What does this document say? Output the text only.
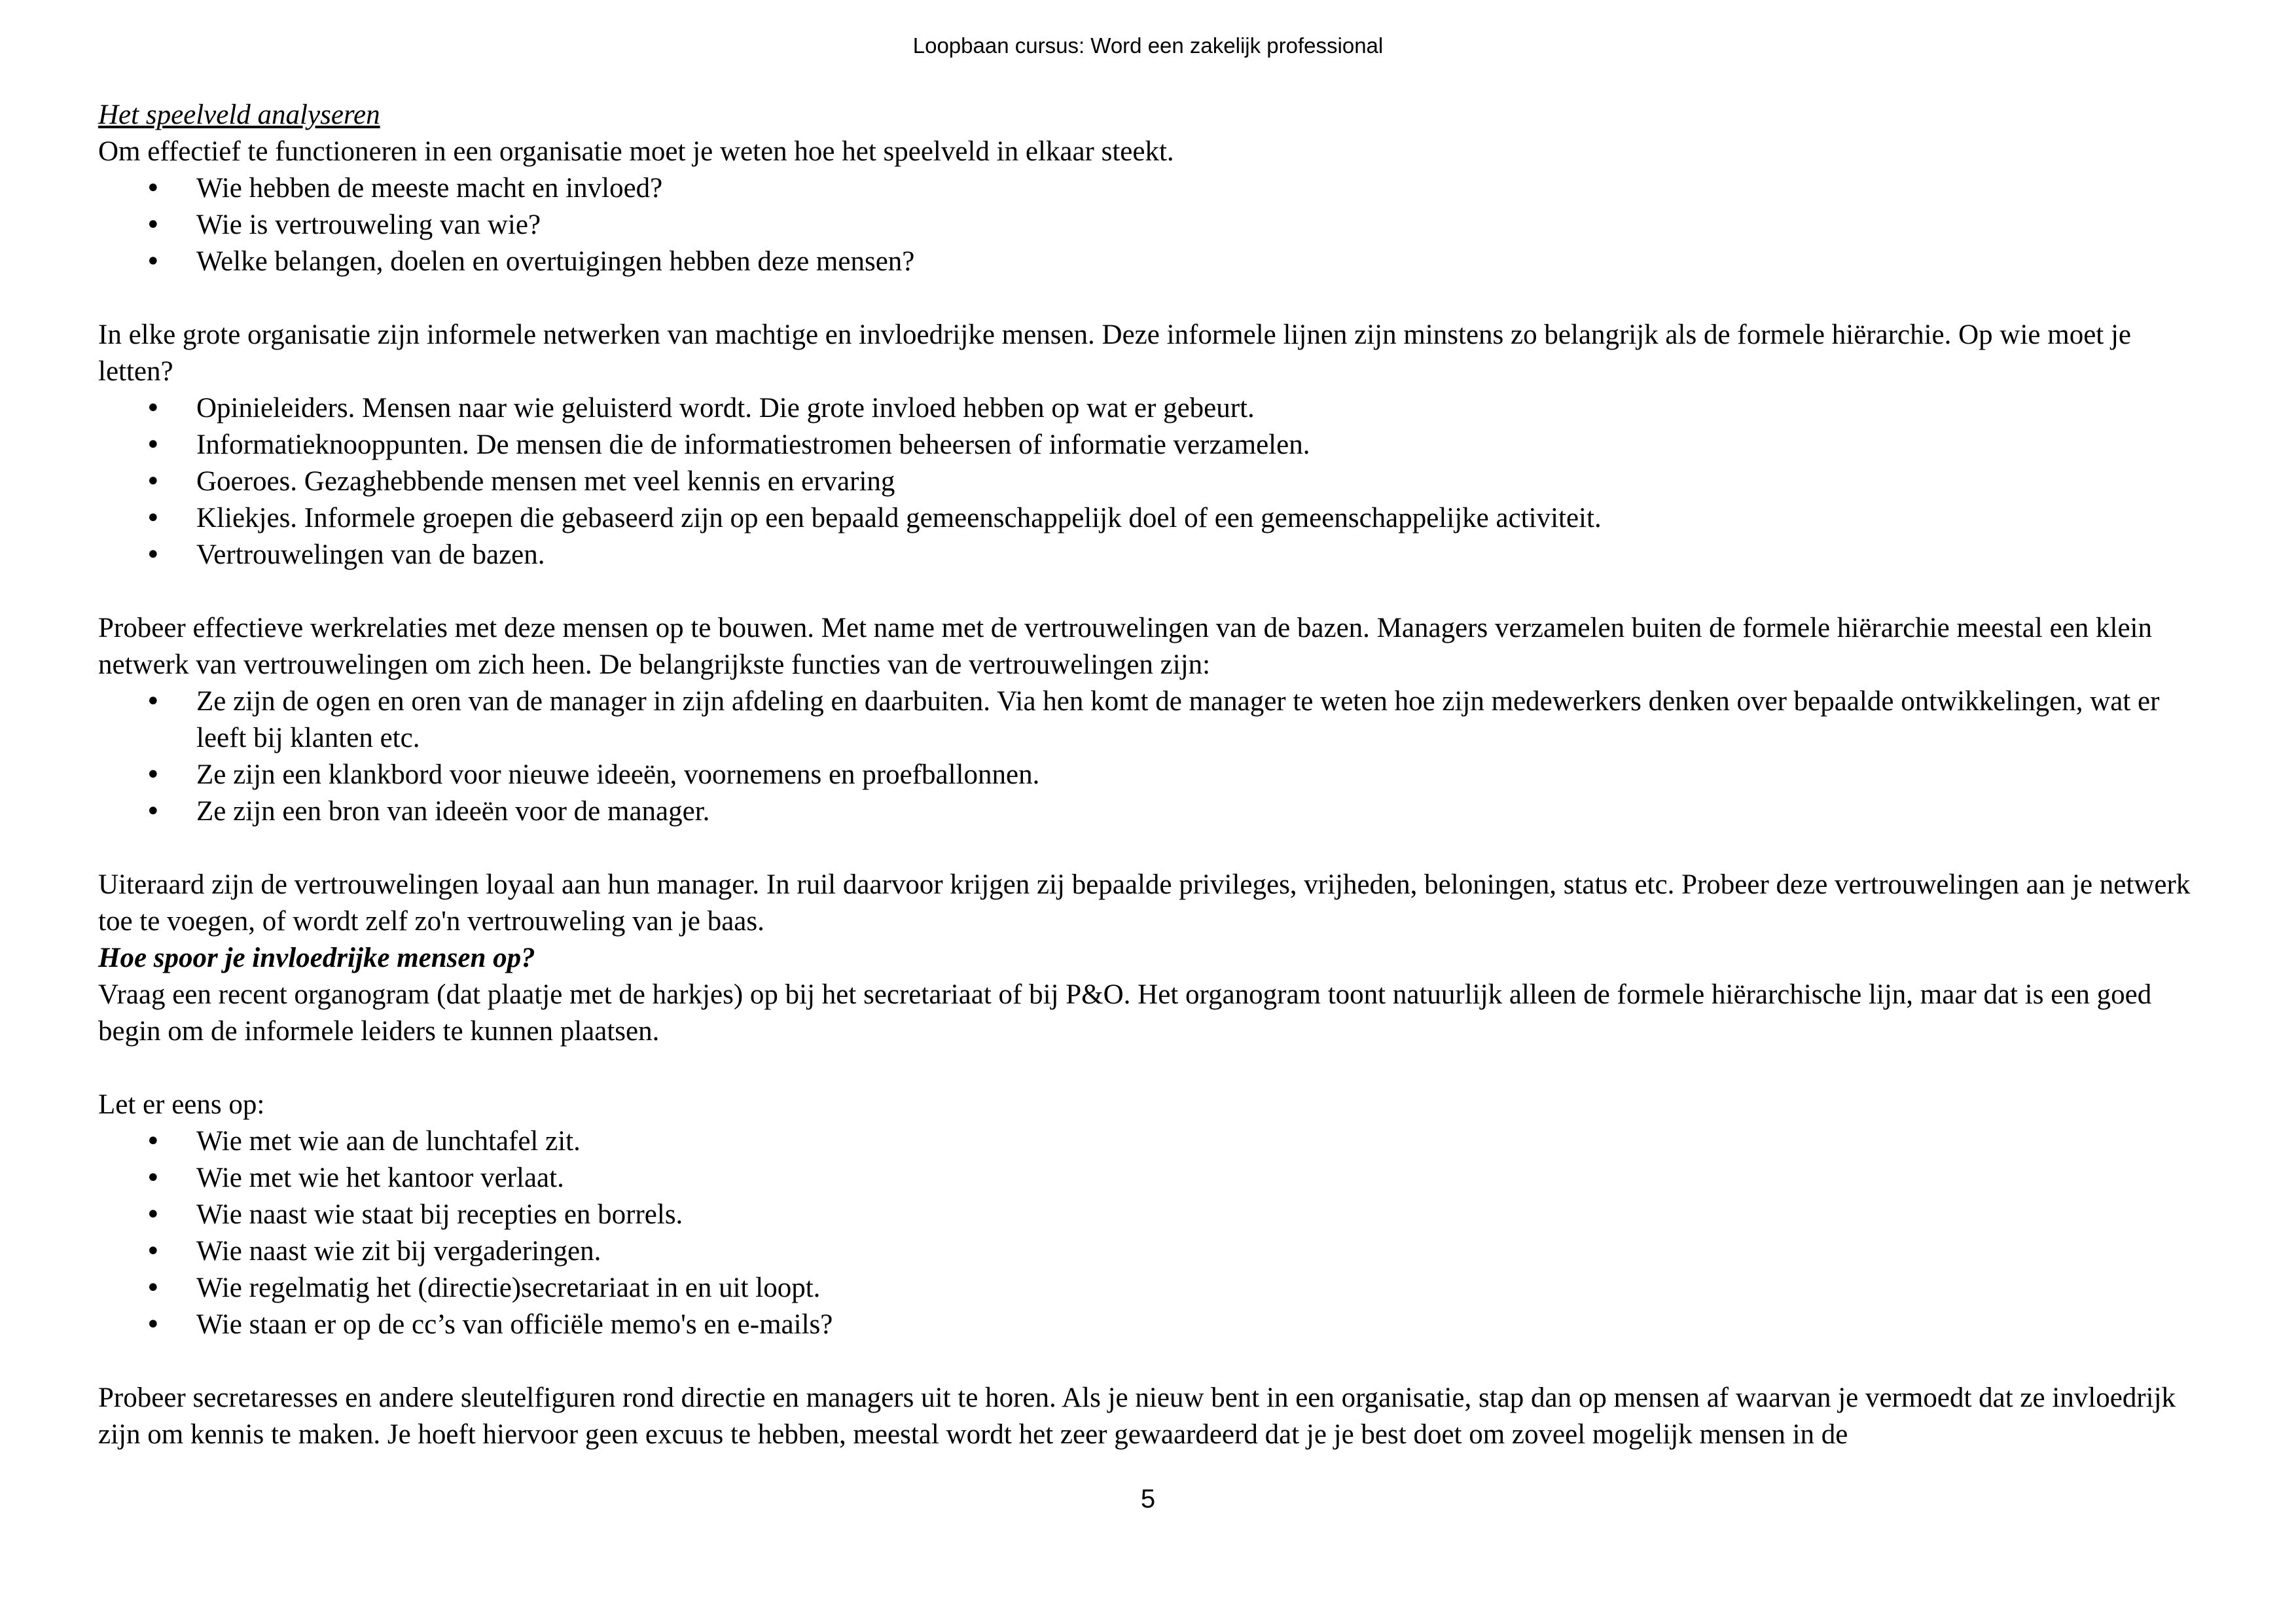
Loopbaan cursus: Word een zakelijk professional

Het speelveld analyseren

Om effectief te functioneren in een organisatie moet je weten hoe het speelveld in elkaar steekt.

• Wie hebben de meeste macht en invloed?
• Wie is vertrouweling van wie?
• Welke belangen, doelen en overtuigingen hebben deze mensen?

In elke grote organisatie zijn informele netwerken van machtige en invloedrijke mensen. Deze informele lijnen zijn minstens zo belangrijk als de formele hiërarchie. Op wie moet je letten?

• Opinieleiders. Mensen naar wie geluisterd wordt. Die grote invloed hebben op wat er gebeurt.
• Informatieknooppunten. De mensen die de informatiestromen beheersen of informatie verzamelen.
• Goeroes. Gezaghebbende mensen met veel kennis en ervaring
• Kliekjes. Informele groepen die gebaseerd zijn op een bepaald gemeenschappelijk doel of een gemeenschappelijke activiteit.
• Vertrouwelingen van de bazen.

Probeer effectieve werkrelaties met deze mensen op te bouwen. Met name met de vertrouwelingen van de bazen. Managers verzamelen buiten de formele hiërarchie meestal een klein netwerk van vertrouwelingen om zich heen. De belangrijkste functies van de vertrouwelingen zijn:

• Ze zijn de ogen en oren van de manager in zijn afdeling en daarbuiten. Via hen komt de manager te weten hoe zijn medewerkers denken over bepaalde ontwikkelingen, wat er leeft bij klanten etc.
• Ze zijn een klankbord voor nieuwe ideeën, voornemens en proefballonnen.
• Ze zijn een bron van ideeën voor de manager.

Uiteraard zijn de vertrouwelingen loyaal aan hun manager. In ruil daarvoor krijgen zij bepaalde privileges, vrijheden, beloningen, status etc. Probeer deze vertrouwelingen aan je netwerk toe te voegen, of wordt zelf zo'n vertrouweling van je baas.

Hoe spoor je invloedrijke mensen op?

Vraag een recent organogram (dat plaatje met de harkjes) op bij het secretariaat of bij P&O. Het organogram toont natuurlijk alleen de formele hiërarchische lijn, maar dat is een goed begin om de informele leiders te kunnen plaatsen.

Let er eens op:

• Wie met wie aan de lunchtafel zit.
• Wie met wie het kantoor verlaat.
• Wie naast wie staat bij recepties en borrels.
• Wie naast wie zit bij vergaderingen.
• Wie regelmatig het (directie)secretariaat in en uit loopt.
• Wie staan er op de cc’s van officiële memo's en e-mails?

Probeer secretaresses en andere sleutelfiguren rond directie en managers uit te horen. Als je nieuw bent in een organisatie, stap dan op mensen af waarvan je vermoedt dat ze invloedrijk zijn om kennis te maken. Je hoeft hiervoor geen excuus te hebben, meestal wordt het zeer gewaardeerd dat je je best doet om zoveel mogelijk mensen in de

5
